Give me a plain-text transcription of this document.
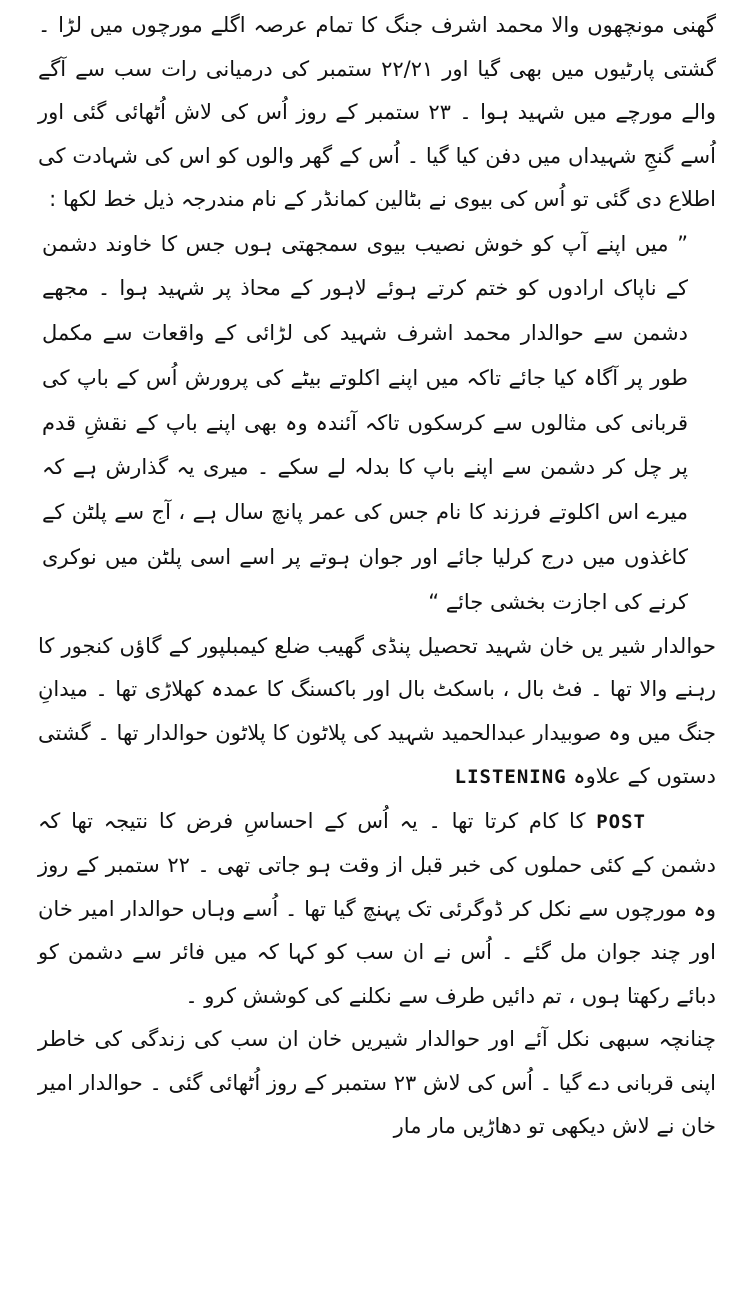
گھنی مونچھوں والا محمد اشرف جنگ کا تمام عرصہ اگلے مورچوں میں لڑا ۔ گشتی پارٹیوں میں بھی گیا اور ۲۲/۲۱ ستمبر کی درمیانی رات سب سے آگے والے مورچے میں شہید ہوا ۔ ۲۳ ستمبر کے روز اُس کی لاش اُٹھائی گئی اور اُسے گنجِ شہیداں میں دفن کیا گیا ۔ اُس کے گھر والوں کو اس کی شہادت کی اطلاع دی گئی تو اُس کی بیوی نے بٹالین کمانڈر کے نام مندرجہ ذیل خط لکھا :

” میں اپنے آپ کو خوش نصیب بیوی سمجھتی ہوں جس کا خاوند دشمن کے ناپاک ارادوں کو ختم کرتے ہوئے لاہور کے محاذ پر شہید ہوا ۔ مجھے دشمن سے حوالدار محمد اشرف شہید کی لڑائی کے واقعات سے مکمل طور پر آگاہ کیا جائے تاکہ میں اپنے اکلوتے بیٹے کی پرورش اُس کے باپ کی قربانی کی مثالوں سے کرسکوں تاکہ آئندہ وہ بھی اپنے باپ کے نقشِ قدم پر چل کر دشمن سے اپنے باپ کا بدلہ لے سکے ۔ میری یہ گذارش ہے کہ میرے اس اکلوتے فرزند کا نام جس کی عمر پانچ سال ہے ، آج سے پلٹن کے کاغذوں میں درج کرلیا جائے اور جوان ہوتے پر اسے اسی پلٹن میں نوکری کرنے کی اجازت بخشی جائے “

حوالدار شیر یں خان شہید تحصیل پنڈی گھیب ضلع کیمبلپور کے گاؤں کنجور کا رہنے والا تھا ۔ فٹ بال ، باسکٹ بال اور باکسنگ کا عمدہ کھلاڑی تھا ۔ میدانِ جنگ میں وہ صوبیدار عبدالحمید شہید کی پلاٹون کا پلاٹون حوالدار تھا ۔ گشتی دستوں کے علاوہ LISTENING

POST کا کام کرتا تھا ۔ یہ اُس کے احساسِ فرض کا نتیجہ تھا کہ دشمن کے کئی حملوں کی خبر قبل از وقت ہو جاتی تھی ۔ ۲۲ ستمبر کے روز وہ مورچوں سے نکل کر ڈوگرئی تک پہنچ گیا تھا ۔ اُسے وہاں حوالدار امیر خان اور چند جوان مل گئے ۔ اُس نے ان سب کو کہا کہ میں فائر سے دشمن کو دبائے رکھتا ہوں ، تم دائیں طرف سے نکلنے کی کوشش کرو ۔

چنانچہ سبھی نکل آئے اور حوالدار شیریں خان ان سب کی زندگی کی خاطر اپنی قربانی دے گیا ۔ اُس کی لاش ۲۳ ستمبر کے روز اُٹھائی گئی ۔ حوالدار امیر خان نے لاش دیکھی تو دھاڑیں مار مار
